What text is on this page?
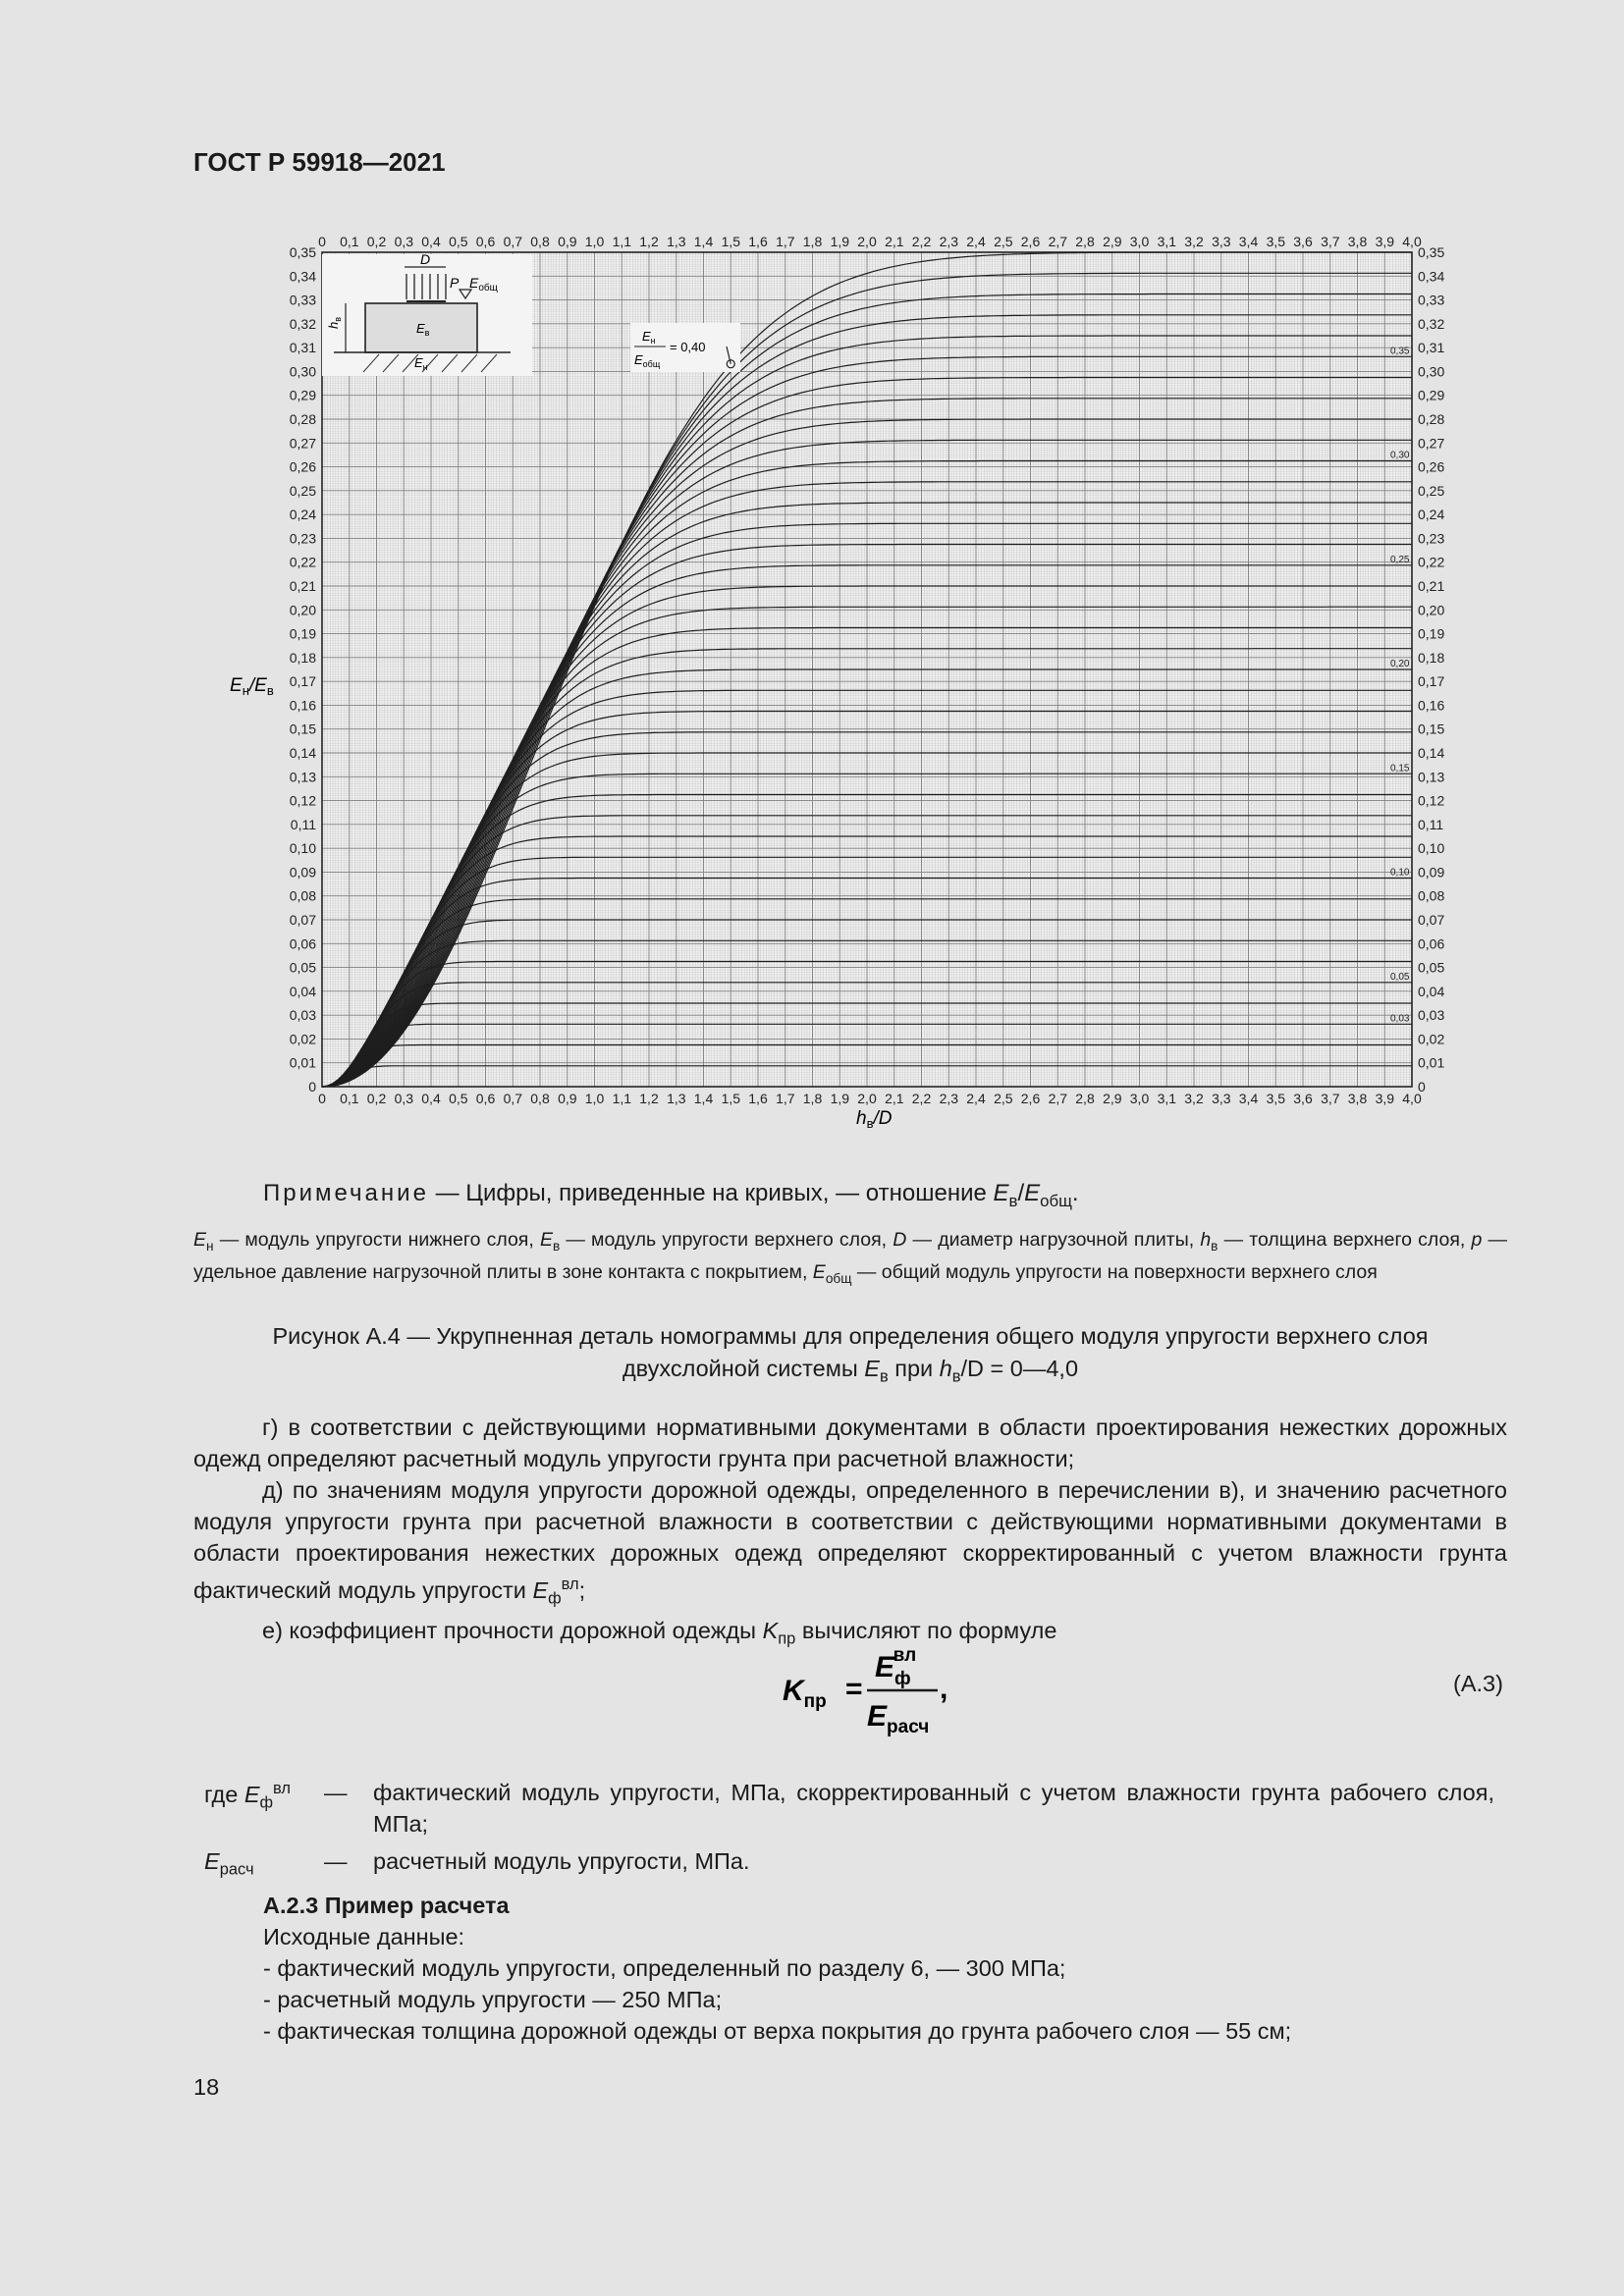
ГОСТ Р 59918—2021
0,35
0,30
0,25
0,20
0,15
0,10
0,05
0,03
0
0
0,1
0,1
0,2
0,2
0,3
0,3
0,4
0,4
0,5
0,5
0,6
0,6
0,7
0,7
0,8
0,8
0,9
0,9
1,0
1,0
1,1
1,1
1,2
1,2
1,3
1,3
1,4
1,4
1,5
1,5
1,6
1,6
1,7
1,7
1,8
1,8
1,9
1,9
2,0
2,0
2,1
2,1
2,2
2,2
2,3
2,3
2,4
2,4
2,5
2,5
2,6
2,6
2,7
2,7
2,8
2,8
2,9
2,9
3,0
3,0
3,1
3,1
3,2
3,2
3,3
3,3
3,4
3,4
3,5
3,5
3,6
3,6
3,7
3,7
3,8
3,8
3,9
3,9
4,0
4,0
0	0
0,01	0,01
0,02	0,02
0,03	0,03
0,04	0,04
0,05	0,05
0,06	0,06
0,07	0,07
0,08	0,08
0,09	0,09
0,10	0,10
0,11	0,11
0,12	0,12
0,13	0,13
0,14	0,14
0,15	0,15
0,16	0,16
0,17	0,17
0,18	0,18
0,19	0,19
0,20	0,20
0,21	0,21
0,22	0,22
0,23	0,23
0,24	0,24
0,25	0,25
0,26	0,26
0,27	0,27
0,28	0,28
0,29	0,29
0,30	0,30
0,31	0,31
0,32	0,32
0,33	0,33
0,34	0,34
0,35	0,35
D
P $E_{общ}$
$h_в$
$E_в$
$E_н$
$E_н$
$E_{общ}$
= 0,40
$E_н/E_в$
$h_в/D$
Примечание — Цифры, приведенные на кривых, — отношение $E_в/E_{общ}$.
$E_н$ — модуль упругости нижнего слоя, $E_в$ — модуль упругости верхнего слоя, D — диаметр нагрузочной плиты, $h_в$ — толщина верхнего слоя, p — удельное давление нагрузочной плиты в зоне контакта с покрытием, $E_{общ}$ — общий модуль упругости на поверхности верхнего слоя
Рисунок А.4 — Укрупненная деталь номограммы для определения общего модуля упругости верхнего слоя
двухслойной системы $E_в$ при $h_в/D$ = 0—4,0

г) в соответствии с действующими нормативными документами в области проектирования нежестких дорожных одежд определяют расчетный модуль упругости грунта при расчетной влажности;

д) по значениям модуля упругости дорожной одежды, определенного в перечислении в), и значению расчетного модуля упругости грунта при расчетной влажности в соответствии с действующими нормативными документами в области проектирования нежестких дорожных одежд определяют скорректированный с учетом влажности грунта фактический модуль упругости $E_ф^{вл}$;

е) коэффициент прочности дорожной одежды $K_{пр}$ вычисляют по формуле

$K_{пр}$ =
$E_фвл$
$E_{расч}$
,	(А.3)
где $E_ф^{вл}$ — фактический модуль упругости, МПа, скорректированный с учетом влажности грунта рабочего слоя, МПа;
$E_{расч}$	— расчетный модуль упругости, МПа.
А.2.3 Пример расчета
Исходные данные:
- фактический модуль упругости, определенный по разделу 6, — 300 МПа;
- расчетный модуль упругости — 250 МПа;
- фактическая толщина дорожной одежды от верха покрытия до грунта рабочего слоя — 55 см;
18
